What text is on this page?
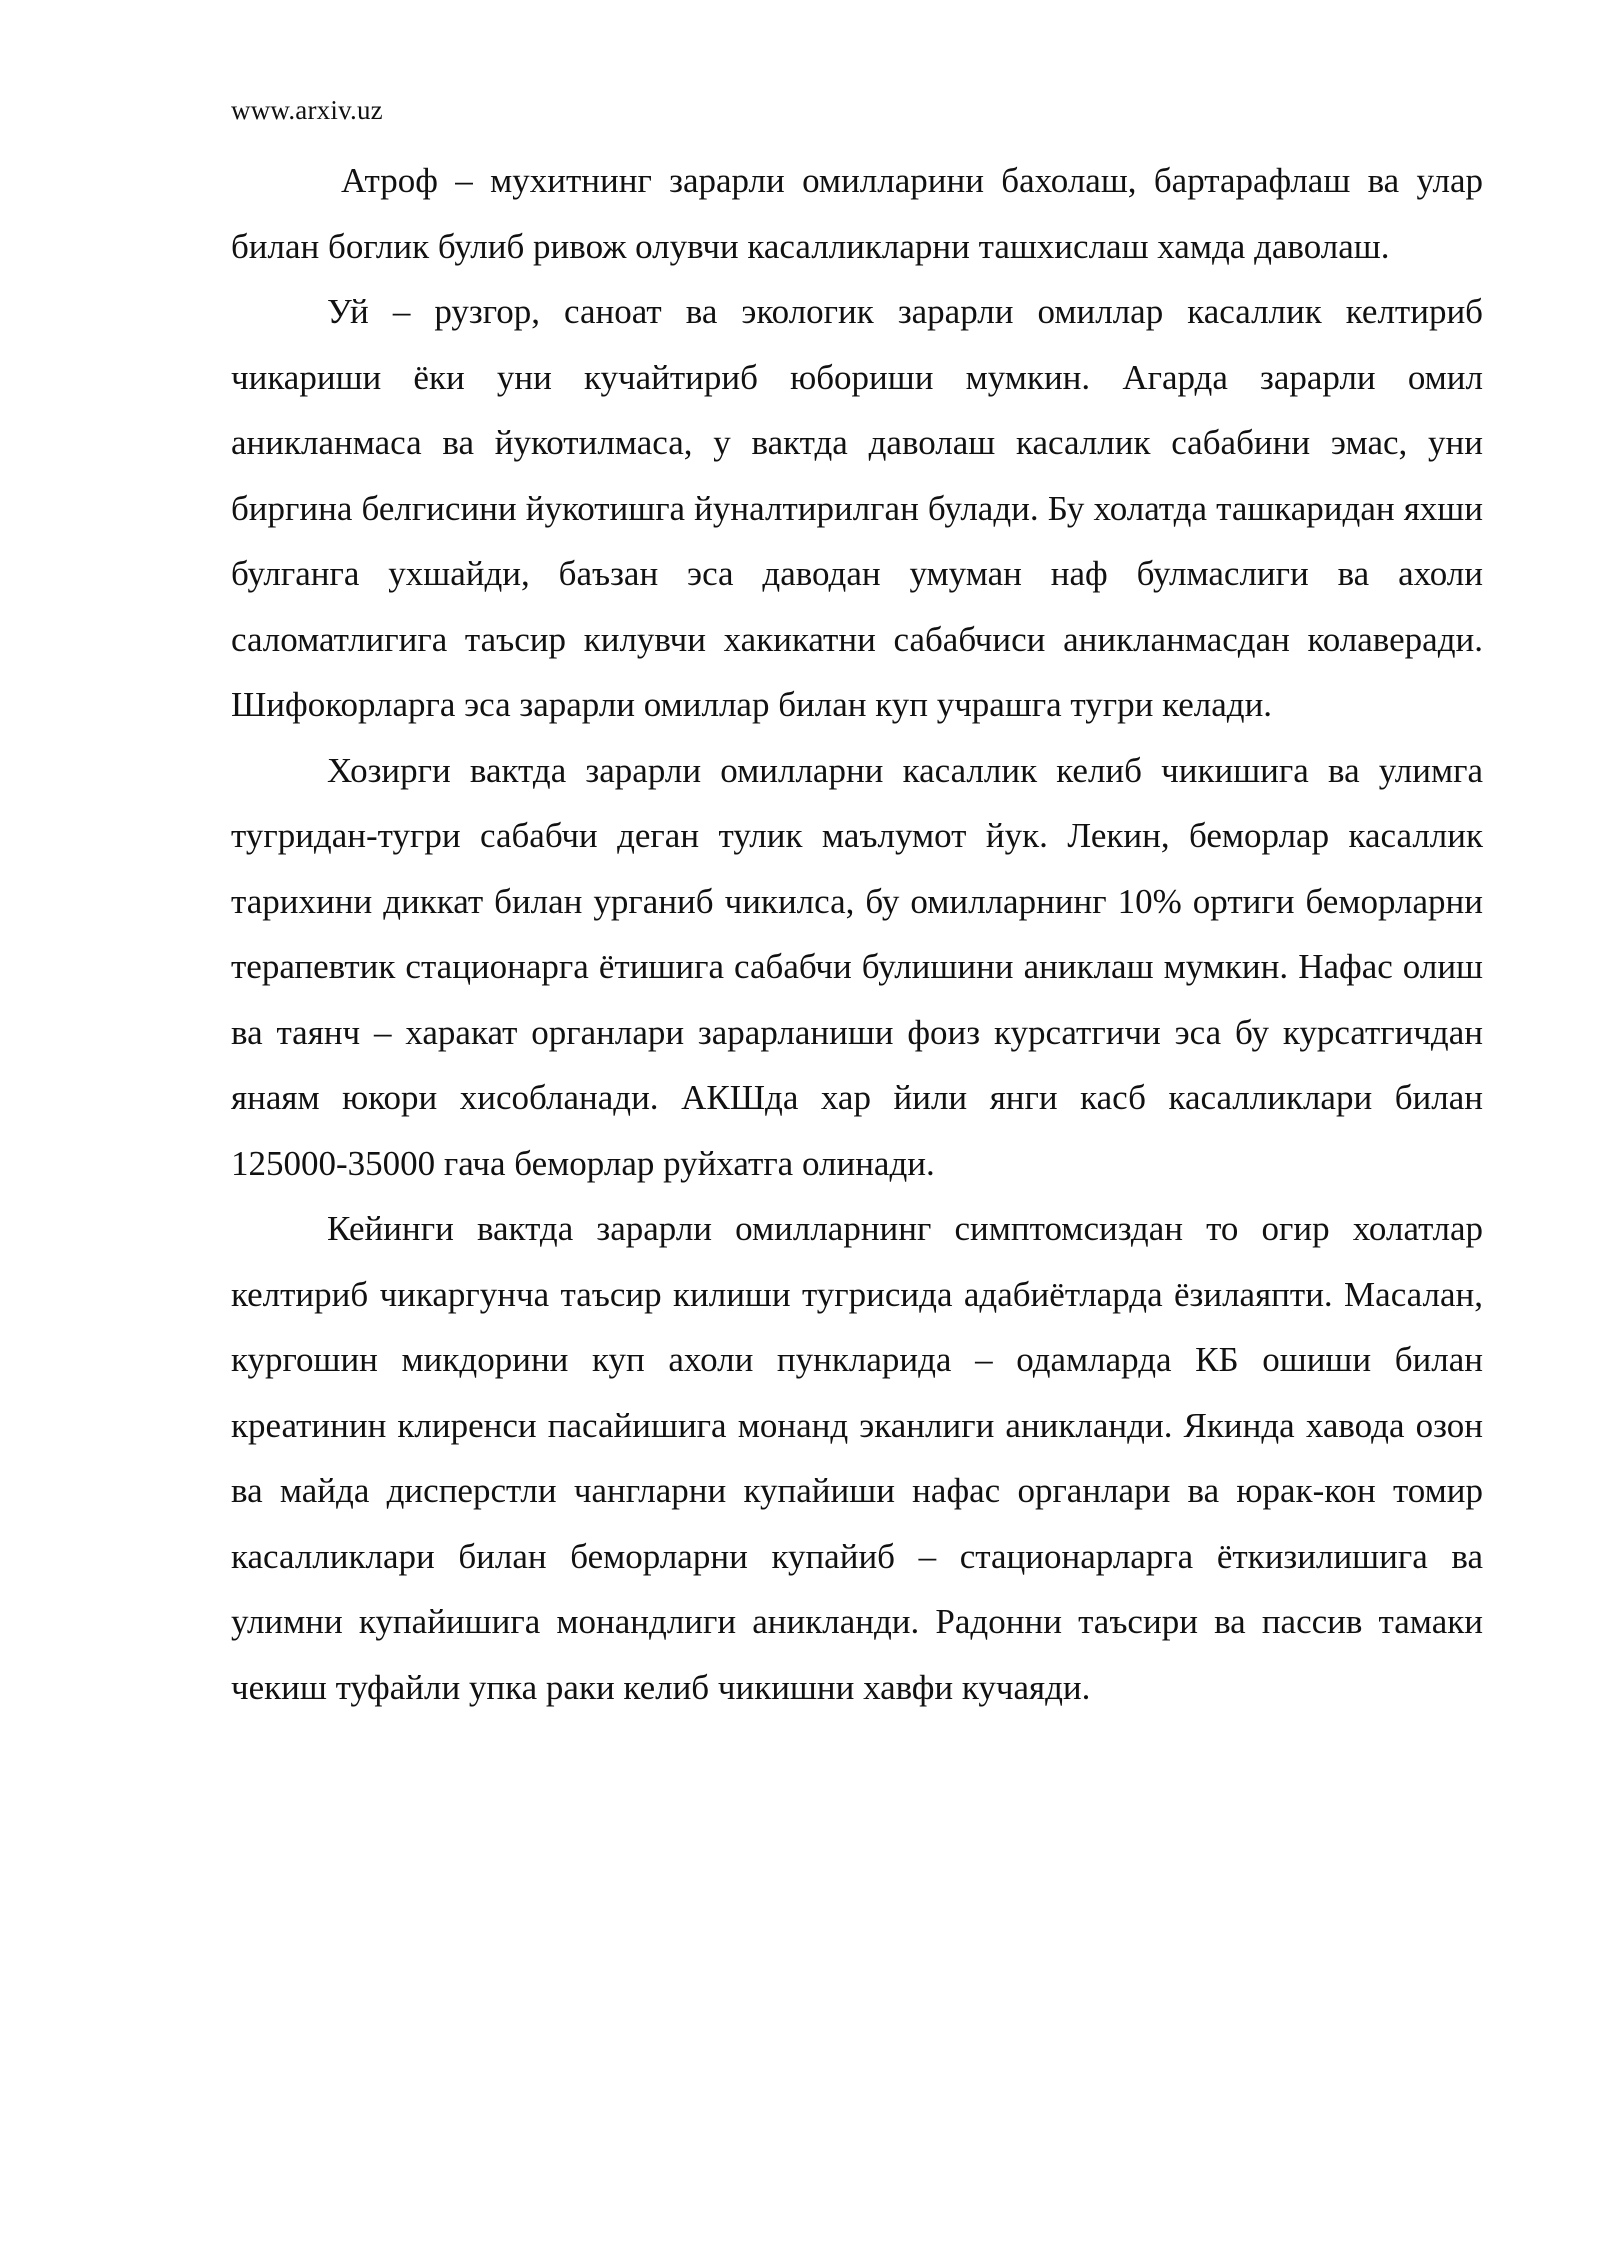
www.arxiv.uz

Атроф – мухитнинг зарарли омилларини бахолаш, бартарафлаш ва улар билан боглик булиб ривож олувчи касалликларни ташхислаш хамда даволаш.

Уй – рузгор, саноат ва экологик зарарли омиллар касаллик келтириб чикариши ёки уни кучайтириб юбориши мумкин. Агарда зарарли омил аникланмаса ва йукотилмаса, у вактда даволаш касаллик сабабини эмас, уни биргина белгисини йукотишга йуналтирилган булади. Бу холатда ташкаридан яхши булганга ухшайди, баъзан эса даводан умуман наф булмаслиги ва ахоли саломатлигига таъсир килувчи хакикатни сабабчиси аникланмасдан колаверади. Шифокорларга эса зарарли омиллар билан куп учрашга тугри келади.

Хозирги вактда зарарли омилларни касаллик келиб чикишига ва улимга тугридан-тугри сабабчи деган тулик маълумот йук. Лекин, беморлар касаллик тарихини диккат билан урганиб чикилса, бу омилларнинг 10% ортиги беморларни терапевтик стационарга ётишига сабабчи булишини аниклаш мумкин. Нафас олиш ва таянч – харакат органлари зарарланиши фоиз курсатгичи эса бу курсатгичдан янаям юкори хисобланади. АКШда хар йили янги касб касалликлари билан 125000-35000 гача беморлар руйхатга олинади.

Кейинги вактда зарарли омилларнинг симптомсиздан то огир холатлар келтириб чикаргунча таъсир килиши тугрисида адабиётларда ёзилаяпти. Масалан, кургошин микдорини куп ахоли пункларида – одамларда КБ ошиши билан креатинин клиренси пасайишига монанд эканлиги аникланди. Якинда хавода озон ва майда дисперстли чангларни купайиши нафас органлари ва юрак-кон томир касалликлари билан беморларни купайиб – стационарларга ёткизилишига ва улимни купайишига монандлиги аникланди. Радонни таъсири ва пассив тамаки чекиш туфайли упка раки келиб чикишни хавфи кучаяди.
